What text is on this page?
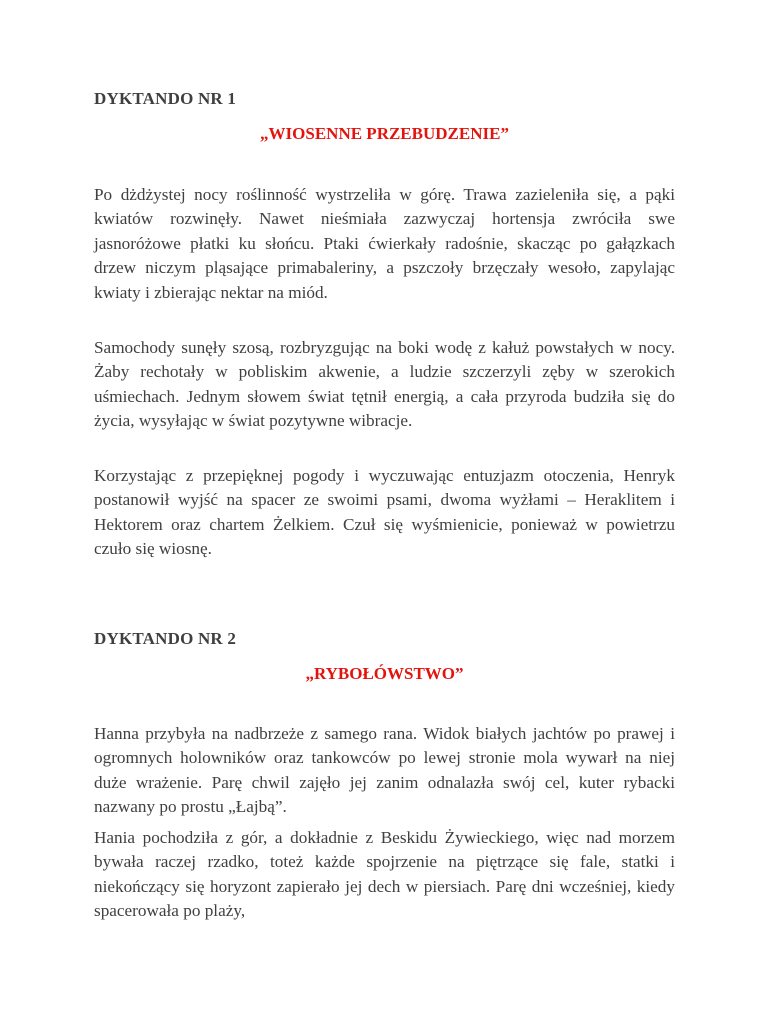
DYKTANDO NR 1
„WIOSENNE PRZEBUDZENIE”

Po dżdżystej nocy roślinność wystrzeliła w górę. Trawa zazieleniła się, a pąki kwiatów rozwinęły. Nawet nieśmiała zazwyczaj hortensja zwróciła swe jasnoróżowe płatki ku słońcu. Ptaki ćwierkały radośnie, skacząc po gałązkach drzew niczym pląsające primabaleriny, a pszczoły brzęczały wesoło, zapylając kwiaty i zbierając nektar na miód.

Samochody sunęły szosą, rozbryzgując na boki wodę z kałuż powstałych w nocy. Żaby rechotały w pobliskim akwenie, a ludzie szczerzyli zęby w szerokich uśmiechach. Jednym słowem świat tętnił energią, a cała przyroda budziła się do życia, wysyłając w świat pozytywne wibracje.

Korzystając z przepięknej pogody i wyczuwając entuzjazm otoczenia, Henryk postanowił wyjść na spacer ze swoimi psami, dwoma wyżłami – Heraklitem i Hektorem oraz chartem Żelkiem. Czuł się wyśmienicie, ponieważ w powietrzu czuło się wiosnę.

DYKTANDO NR 2
„RYBOŁÓWSTWO”

Hanna przybyła na nadbrzeże z samego rana. Widok białych jachtów po prawej i ogromnych holowników oraz tankowców po lewej stronie mola wywarł na niej duże wrażenie. Parę chwil zajęło jej zanim odnalazła swój cel, kuter rybacki nazwany po prostu „Łajbą”.

Hania pochodziła z gór, a dokładnie z Beskidu Żywieckiego, więc nad morzem bywała raczej rzadko, toteż każde spojrzenie na piętrzące się fale, statki i niekończący się horyzont zapierało jej dech w piersiach. Parę dni wcześniej, kiedy spacerowała po plaży,
